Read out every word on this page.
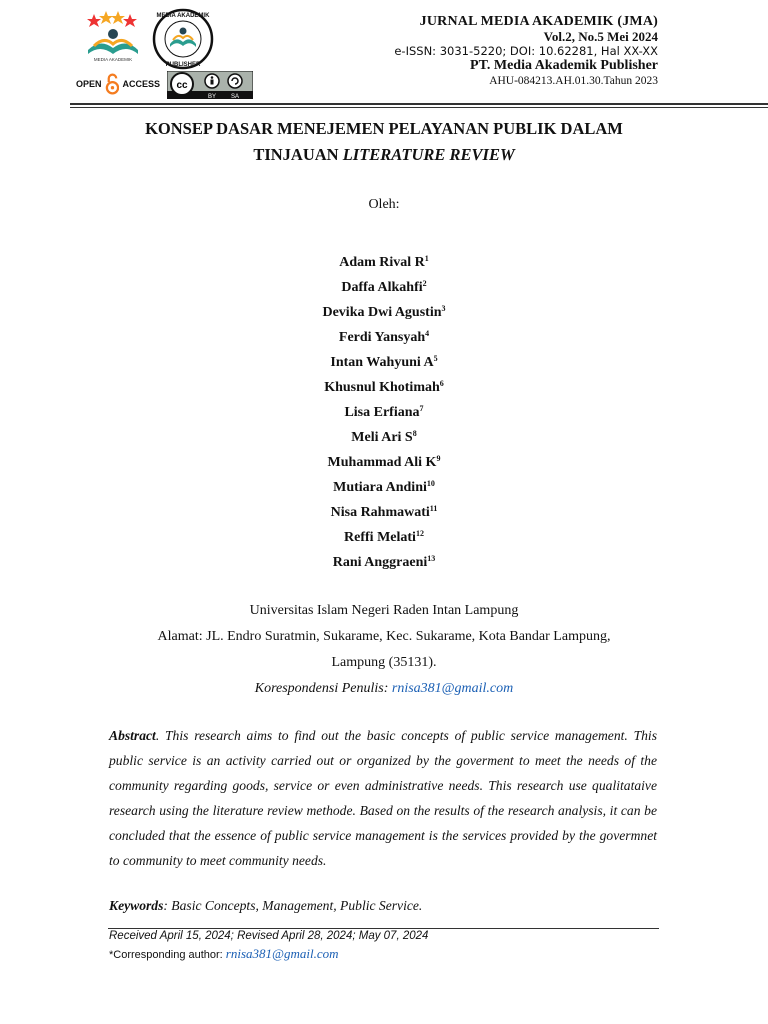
MEDIA AKADEMIK
MEDIA AKADEMIK
PUBLISHER
OPEN ACCESS cc
BY SA
JURNAL MEDIA AKADEMIK (JMA)
Vol.2, No.5 Mei 2024
e-ISSN: 3031-5220; DOI: 10.62281, Hal XX-XX
PT. Media Akademik Publisher
AHU-084213.AH.01.30.Tahun 2023
KONSEP DASAR MENEJEMEN PELAYANAN PUBLIK DALAM
TINJAUAN LITERATURE REVIEW
Oleh:
Adam Rival $R^1$
Daffa Alkahfi$^2$
Devika Dwi Agustin$^3$
Ferdi Yansyah$^4$
Intan Wahyuni $A^5$
Khusnul Khotimah$^6$
Lisa Erfiana$^7$
Meli Ari $S^8$
Muhammad Ali $K^9$
Mutiara Andini$^{10}$
Nisa Rahmawati$^{11}$
Reffi Melati$^{12}$
Rani Anggraeni$^{13}$
Universitas Islam Negeri Raden Intan Lampung
Alamat: JL. Endro Suratmin, Sukarame, Kec. Sukarame, Kota Bandar Lampung,
Lampung (35131).
Korespondensi Penulis: rnisa381@gmail.com
Abstract. This research aims to find out the basic concepts of public service management. This public service is an activity carried out or organized by the goverment to meet the needs of the community regarding goods, service or even administrative needs. This research use qualitataive research using the literature review methode. Based on the results of the research analysis, it can be concluded that the essence of public service management is the services provided by the govermnet to community to meet community needs.
Keywords: Basic Concepts, Management, Public Service.
Received April 15, 2024; Revised April 28, 2024; May 07, 2024
*Corresponding author: rnisa381@gmail.com
